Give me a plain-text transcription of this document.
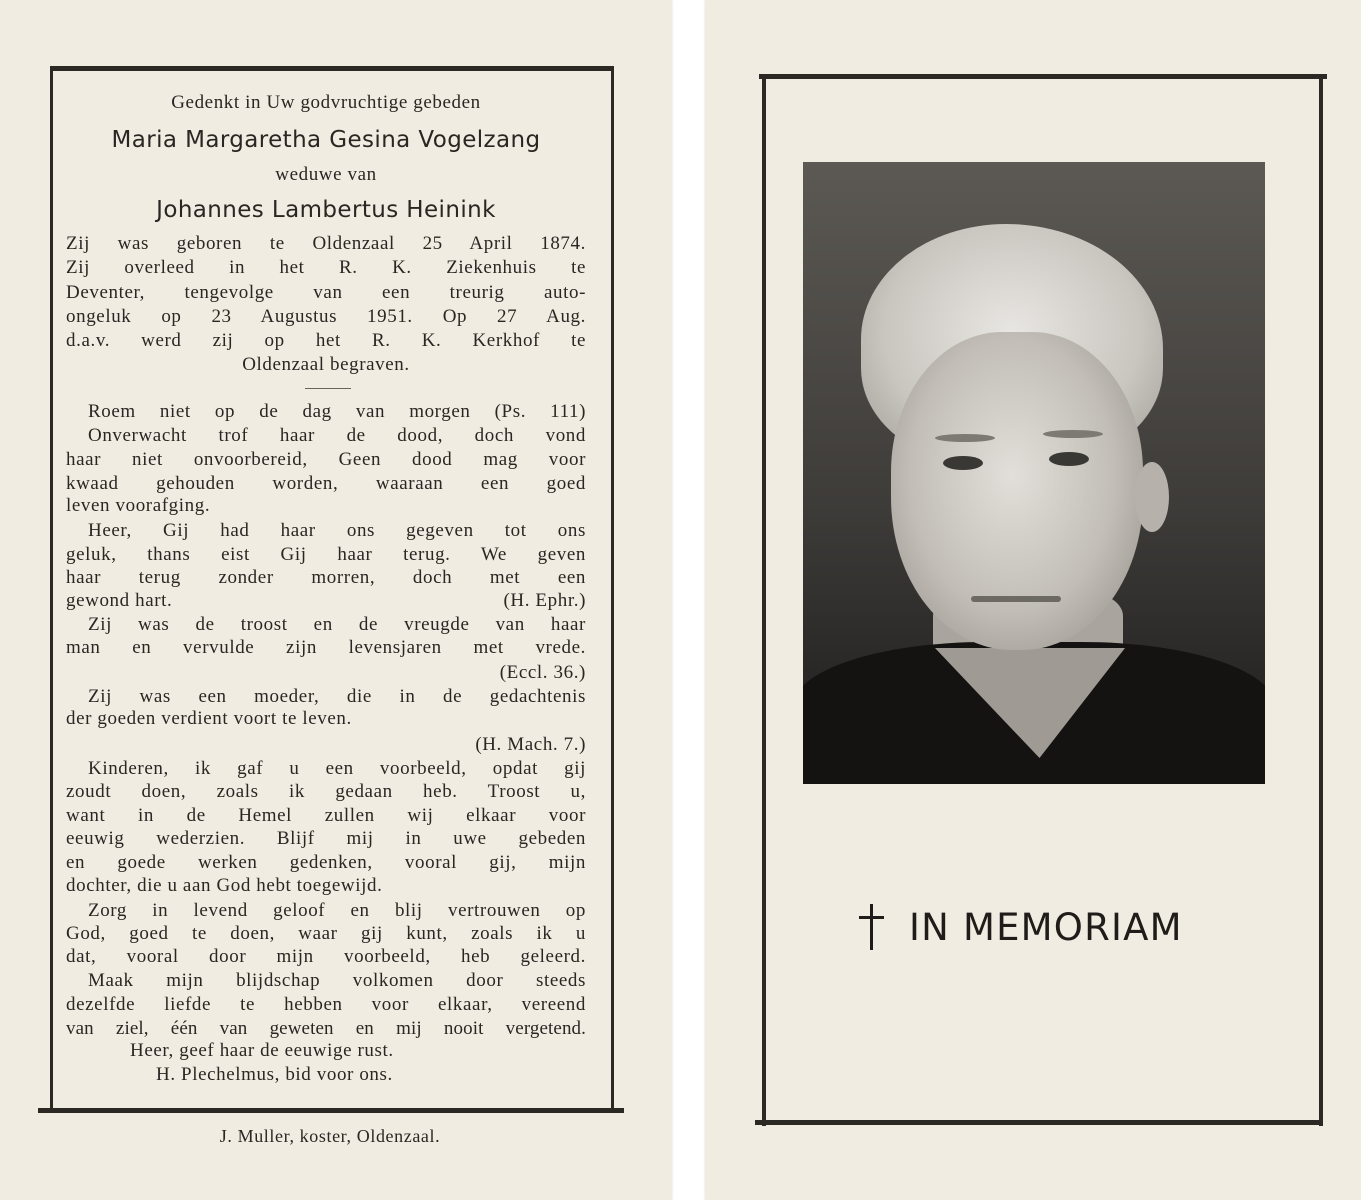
Gedenkt in Uw godvruchtige gebeden
Maria Margaretha Gesina Vogelzang
weduwe van
Johannes Lambertus Heinink
Zij was geboren te Oldenzaal 25 April 1874.
Zij overleed in het R. K. Ziekenhuis te
Deventer, tengevolge van een treurig auto-
ongeluk op 23 Augustus 1951. Op 27 Aug.
d.a.v. werd zij op het R. K. Kerkhof te
Oldenzaal begraven.
Roem niet op de dag van morgen (Ps. 111)
Onverwacht trof haar de dood, doch vond
haar niet onvoorbereid, Geen dood mag voor
kwaad gehouden worden, waaraan een goed
leven voorafging.
Heer, Gij had haar ons gegeven tot ons
geluk, thans eist Gij haar terug. We geven
haar terug zonder morren, doch met een
gewond hart.	(H. Ephr.)
Zij was de troost en de vreugde van haar
man en vervulde zijn levensjaren met vrede.
(Eccl. 36.)
Zij was een moeder, die in de gedachtenis
der goeden verdient voort te leven.
(H. Mach. 7.)
Kinderen, ik gaf u een voorbeeld, opdat gij
zoudt doen, zoals ik gedaan heb. Troost u,
want in de Hemel zullen wij elkaar voor
eeuwig wederzien. Blijf mij in uwe gebeden
en goede werken gedenken, vooral gij, mijn
dochter, die u aan God hebt toegewijd.
Zorg in levend geloof en blij vertrouwen op
God, goed te doen, waar gij kunt, zoals ik u
dat, vooral door mijn voorbeeld, heb geleerd.
Maak mijn blijdschap volkomen door steeds
dezelfde liefde te hebben voor elkaar, vereend
van ziel, één van geweten en mij nooit vergetend.
Heer, geef haar de eeuwige rust.
H. Plechelmus, bid voor ons.
J. Muller, koster, Oldenzaal.
IN MEMORIAM
